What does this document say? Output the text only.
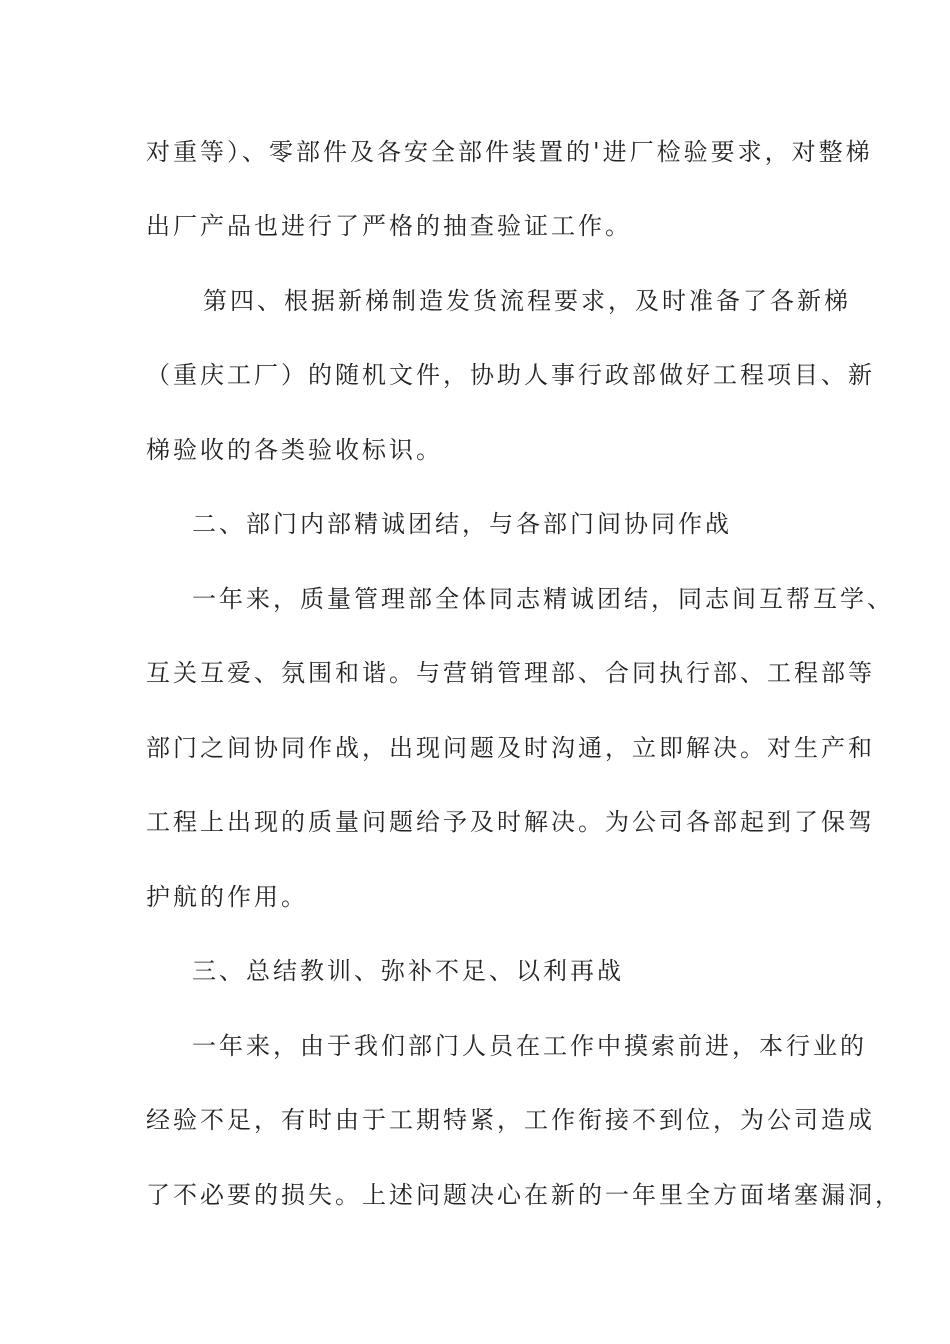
对重等）、零部件及各安全部件装置的'进厂检验要求，对整梯
出厂产品也进行了严格的抽查验证工作。
第四、根据新梯制造发货流程要求，及时准备了各新梯
（重庆工厂）的随机文件，协助人事行政部做好工程项目、新
梯验收的各类验收标识。
二、部门内部精诚团结，与各部门间协同作战
一年来，质量管理部全体同志精诚团结，同志间互帮互学、
互关互爱、氛围和谐。与营销管理部、合同执行部、工程部等
部门之间协同作战，出现问题及时沟通，立即解决。对生产和
工程上出现的质量问题给予及时解决。为公司各部起到了保驾
护航的作用。
三、总结教训、弥补不足、以利再战
一年来，由于我们部门人员在工作中摸索前进，本行业的
经验不足，有时由于工期特紧，工作衔接不到位，为公司造成
了不必要的损失。上述问题决心在新的一年里全方面堵塞漏洞，
